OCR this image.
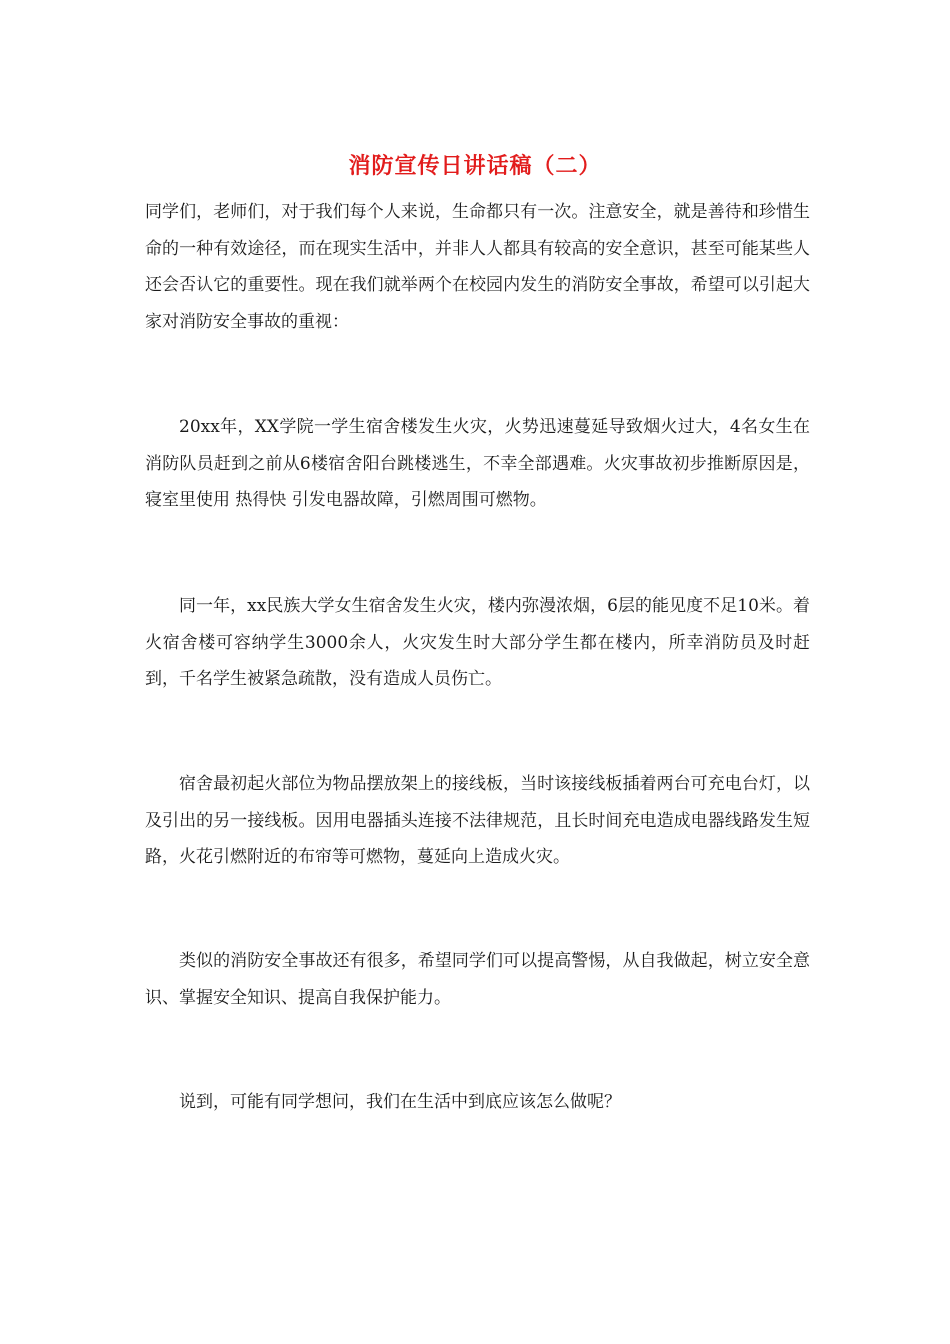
消防宣传日讲话稿（二）

同学们，老师们，对于我们每个人来说，生命都只有一次。注意安全，就是善待和珍惜生命的一种有效途径，而在现实生活中，并非人人都具有较高的安全意识，甚至可能某些人还会否认它的重要性。现在我们就举两个在校园内发生的消防安全事故，希望可以引起大家对消防安全事故的重视：

20xx年，XX学院一学生宿舍楼发生火灾，火势迅速蔓延导致烟火过大，4名女生在消防队员赶到之前从6楼宿舍阳台跳楼逃生，不幸全部遇难。火灾事故初步推断原因是，寝室里使用 热得快 引发电器故障，引燃周围可燃物。

同一年，xx民族大学女生宿舍发生火灾，楼内弥漫浓烟，6层的能见度不足10米。着火宿舍楼可容纳学生3000余人，火灾发生时大部分学生都在楼内，所幸消防员及时赶到，千名学生被紧急疏散，没有造成人员伤亡。

宿舍最初起火部位为物品摆放架上的接线板，当时该接线板插着两台可充电台灯，以及引出的另一接线板。因用电器插头连接不法律规范，且长时间充电造成电器线路发生短路，火花引燃附近的布帘等可燃物，蔓延向上造成火灾。

类似的消防安全事故还有很多，希望同学们可以提高警惕，从自我做起，树立安全意识、掌握安全知识、提高自我保护能力。

说到，可能有同学想问，我们在生活中到底应该怎么做呢？
